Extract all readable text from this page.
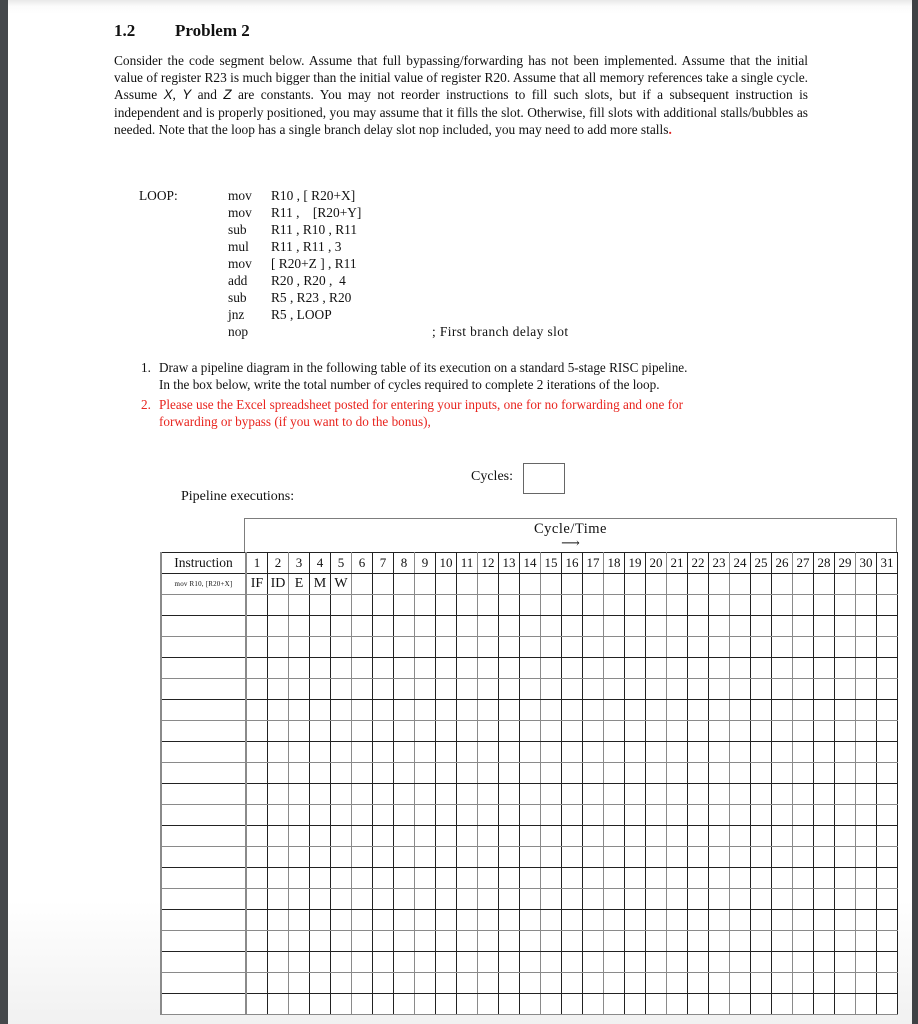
1.2 Problem 2
Consider the code segment below. Assume that full bypassing/forwarding has not been implemented. Assume that the initial value of register R23 is much bigger than the initial value of register R20. Assume that all memory references take a single cycle. Assume X, Y and Z are constants. You may not reorder instructions to fill such slots, but if a subsequent instruction is independent and is properly positioned, you may assume that it fills the slot. Otherwise, fill slots with additional stalls/bubbles as needed. Note that the loop has a single branch delay slot nop included, you may need to add more stalls.
LOOP:	mov	R10 , [ R20+X]
mov	R11 ,    [R20+Y]
sub	R11 , R10 , R11
mul	R11 , R11 , 3
mov	[ R20+Z ] , R11
add	R20 , R20 ,  4
sub	R5 , R23 , R20
jnz	R5 , LOOP
nop	; First branch delay slot
1. Draw a pipeline diagram in the following table of its execution on a standard 5-stage RISC pipeline.
In the box below, write the total number of cycles required to complete 2 iterations of the loop.
2. Please use the Excel spreadsheet posted for entering your inputs, one for no forwarding and one for
forwarding or bypass (if you want to do the bonus),
Cycles:
Pipeline executions:
Cycle/Time
⟶
Instruction	1	2	3	4	5	6	7	8	9	10	11	12	13	14	15	16	17	18	19	20	21	22	23	24	25	26	27	28	29	30	31
mov R10, [R20+X]	IF	ID	E	M	W																										
